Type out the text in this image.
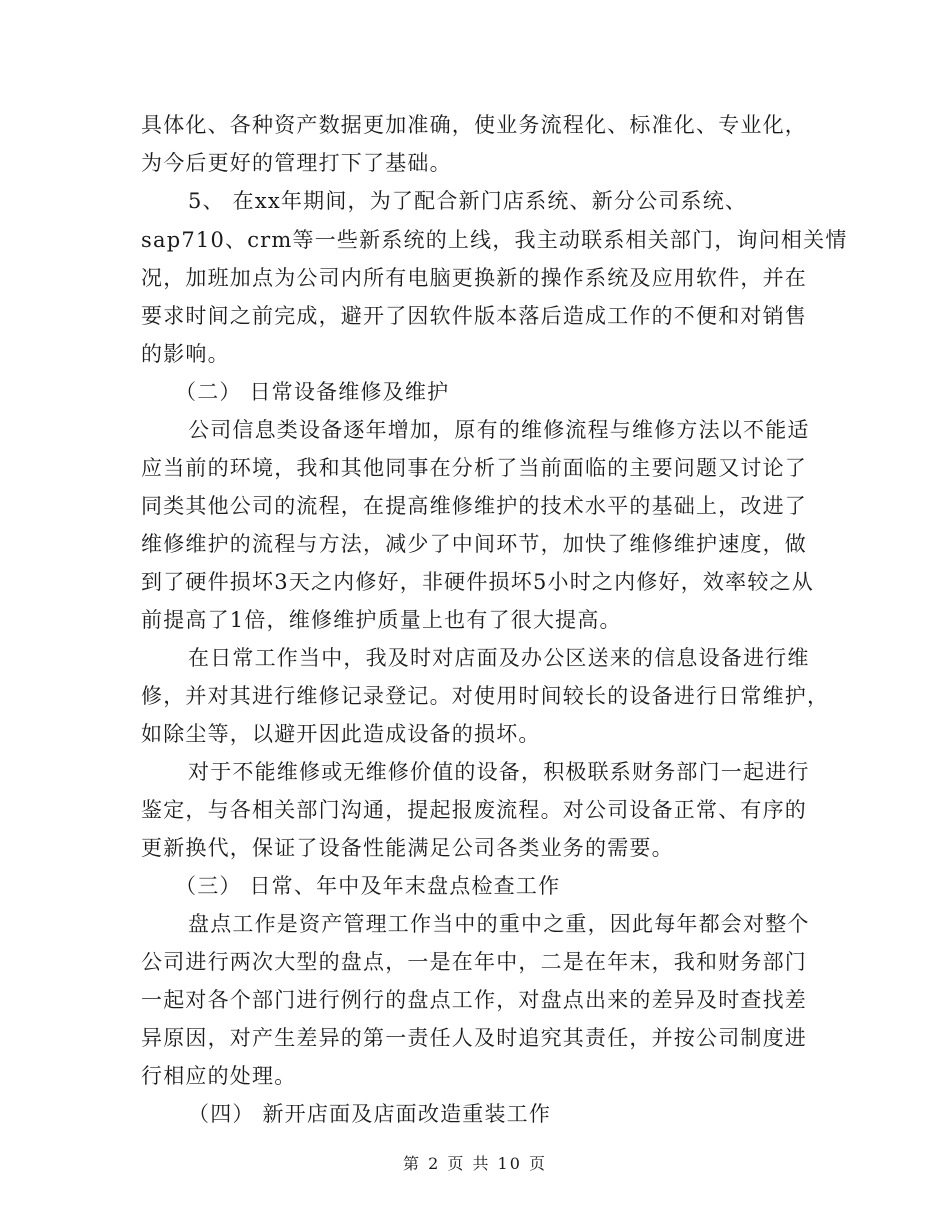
具体化、各种资产数据更加准确，使业务流程化、标准化、专业化，
为今后更好的管理打下了基础。
5、 在xx年期间，为了配合新门店系统、新分公司系统、
sap710、crm等一些新系统的上线，我主动联系相关部门，询问相关情
况，加班加点为公司内所有电脑更换新的操作系统及应用软件，并在
要求时间之前完成，避开了因软件版本落后造成工作的不便和对销售
的影响。
（二） 日常设备维修及维护
公司信息类设备逐年增加，原有的维修流程与维修方法以不能适
应当前的环境，我和其他同事在分析了当前面临的主要问题又讨论了
同类其他公司的流程，在提高维修维护的技术水平的基础上，改进了
维修维护的流程与方法，减少了中间环节，加快了维修维护速度，做
到了硬件损坏3天之内修好，非硬件损坏5小时之内修好，效率较之从
前提高了1倍，维修维护质量上也有了很大提高。
在日常工作当中，我及时对店面及办公区送来的信息设备进行维
修，并对其进行维修记录登记。对使用时间较长的设备进行日常维护，
如除尘等，以避开因此造成设备的损坏。
对于不能维修或无维修价值的设备，积极联系财务部门一起进行
鉴定，与各相关部门沟通，提起报废流程。对公司设备正常、有序的
更新换代，保证了设备性能满足公司各类业务的需要。
（三） 日常、年中及年末盘点检查工作
盘点工作是资产管理工作当中的重中之重，因此每年都会对整个
公司进行两次大型的盘点，一是在年中，二是在年末，我和财务部门
一起对各个部门进行例行的盘点工作，对盘点出来的差异及时查找差
异原因，对产生差异的第一责任人及时追究其责任，并按公司制度进
行相应的处理。
（四） 新开店面及店面改造重装工作
第 2 页 共 10 页
